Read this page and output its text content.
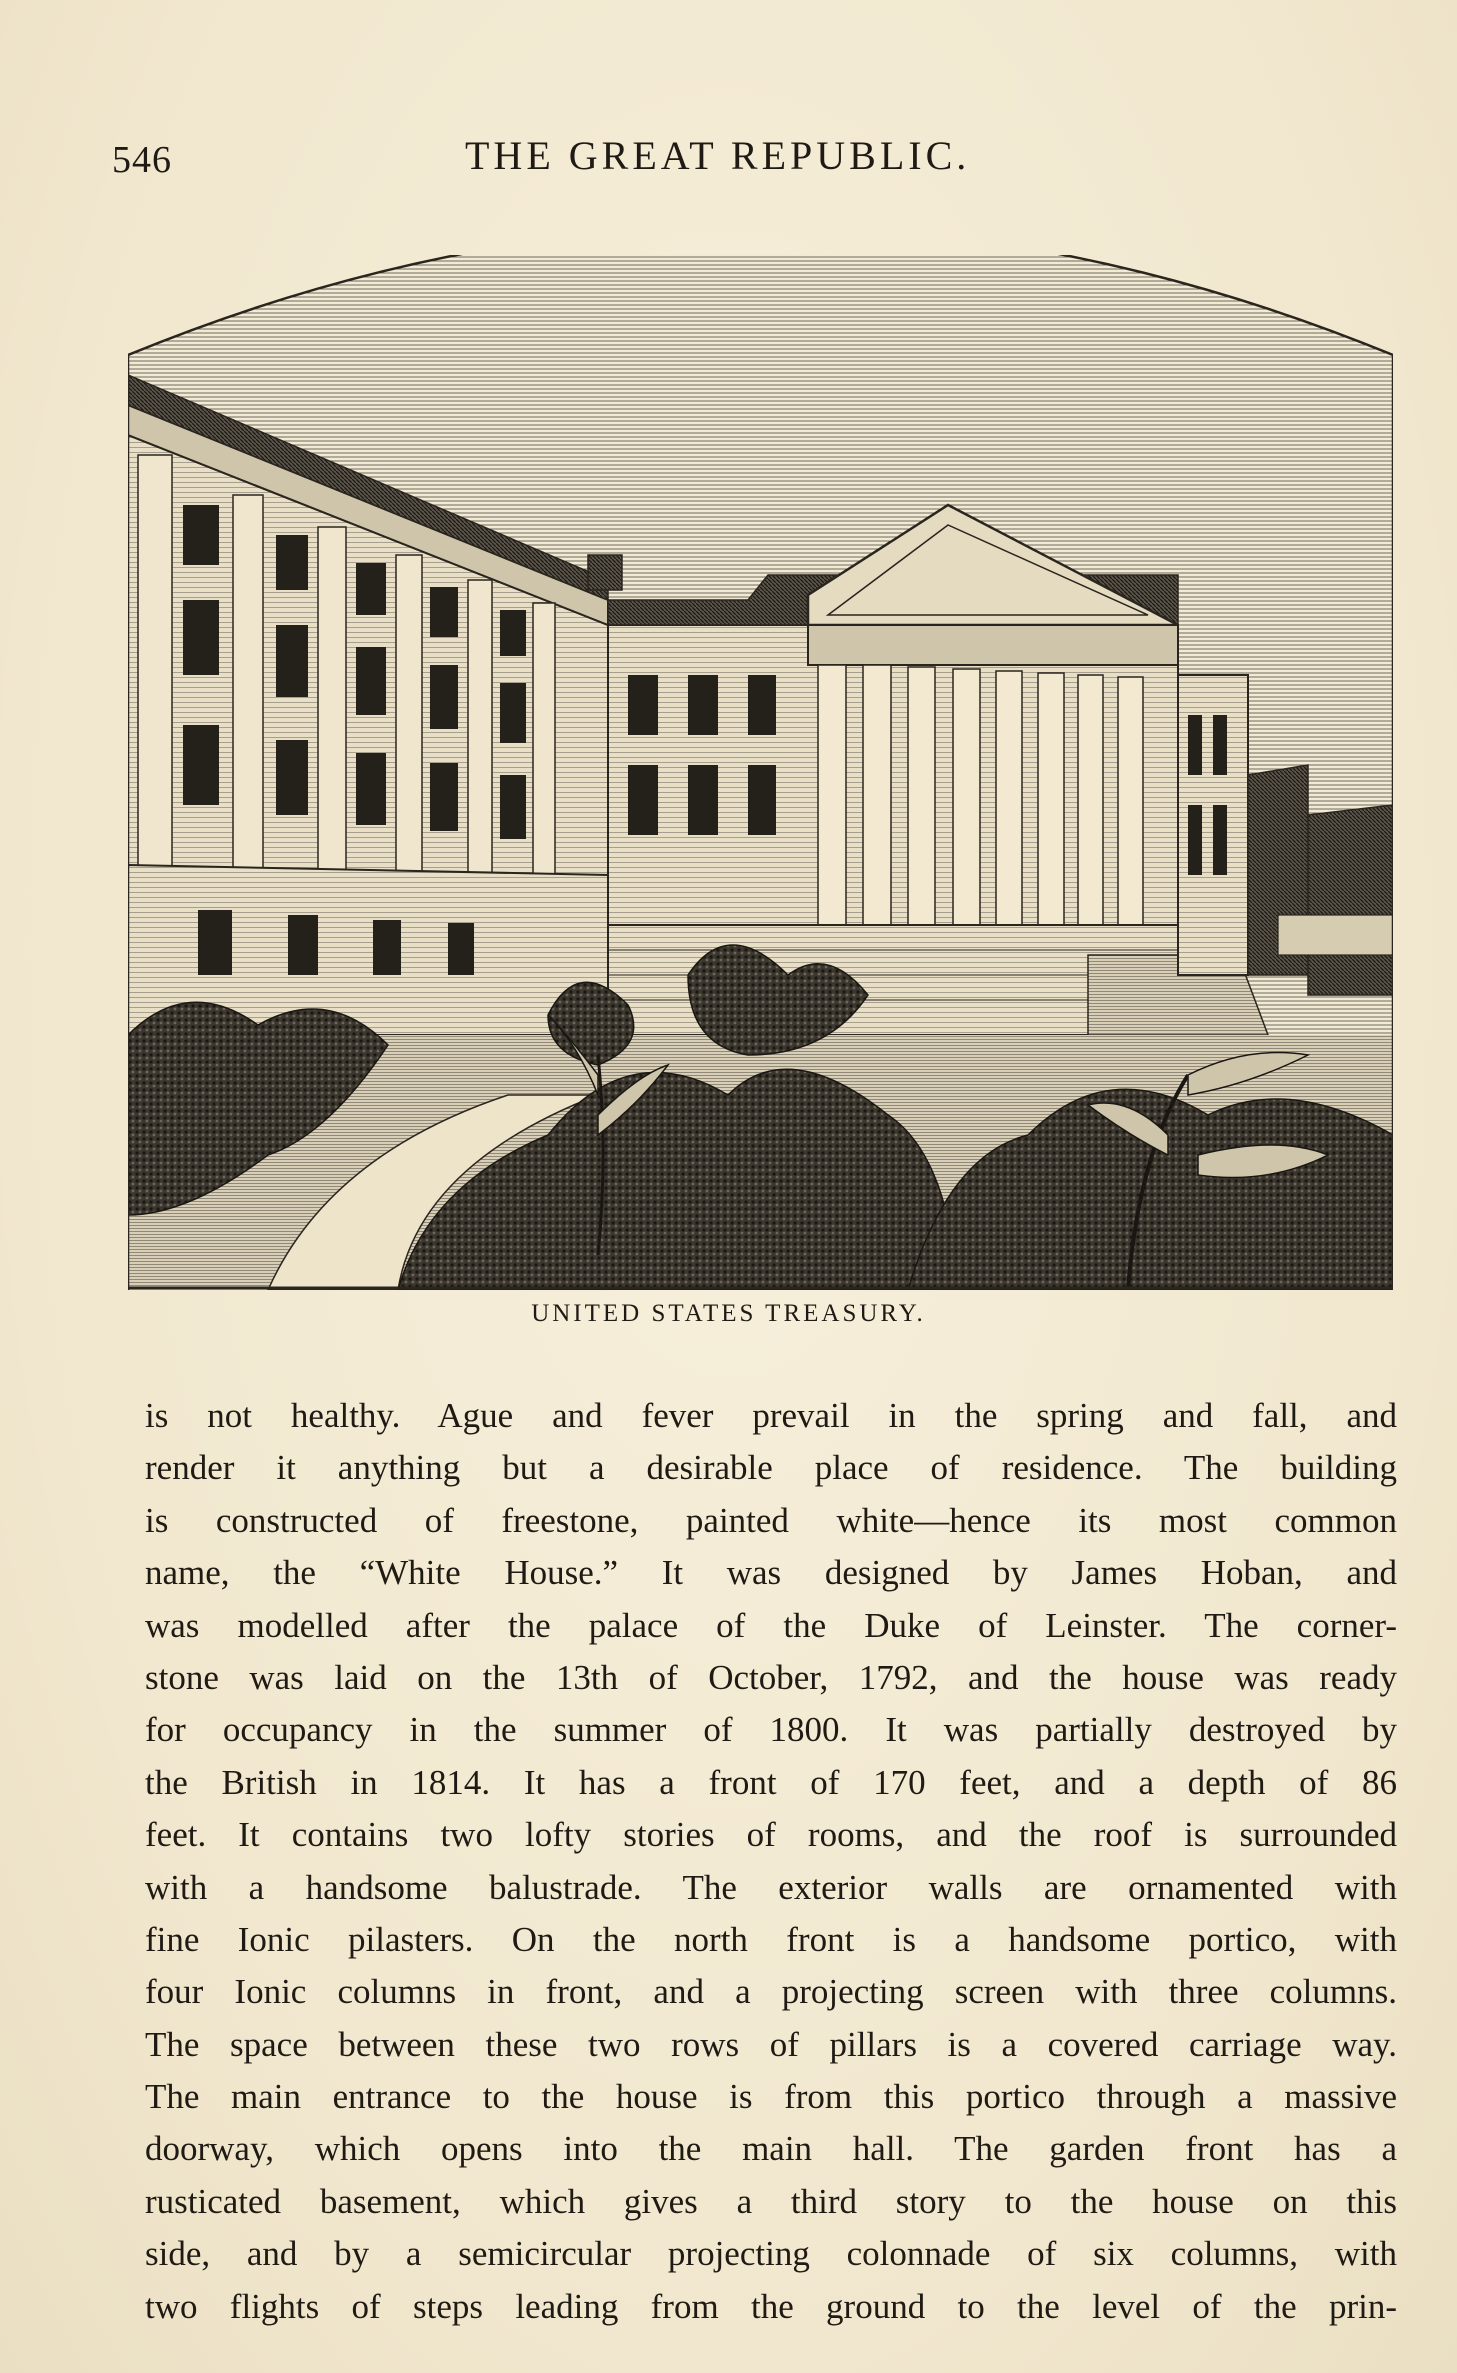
546	THE GREAT REPUBLIC.
UNITED STATES TREASURY.
is not healthy. Ague and fever prevail in the spring and fall, and
render it anything but a desirable place of residence. The building
is constructed of freestone, painted white—hence its most common
name, the “White House.” It was designed by James Hoban, and
was modelled after the palace of the Duke of Leinster. The corner-
stone was laid on the 13th of October, 1792, and the house was ready
for occupancy in the summer of 1800. It was partially destroyed by
the British in 1814. It has a front of 170 feet, and a depth of 86
feet. It contains two lofty stories of rooms, and the roof is surrounded
with a handsome balustrade. The exterior walls are ornamented with
fine Ionic pilasters. On the north front is a handsome portico, with
four Ionic columns in front, and a projecting screen with three columns.
The space between these two rows of pillars is a covered carriage way.
The main entrance to the house is from this portico through a massive
doorway, which opens into the main hall. The garden front has a
rusticated basement, which gives a third story to the house on this
side, and by a semicircular projecting colonnade of six columns, with
two flights of steps leading from the ground to the level of the prin-
